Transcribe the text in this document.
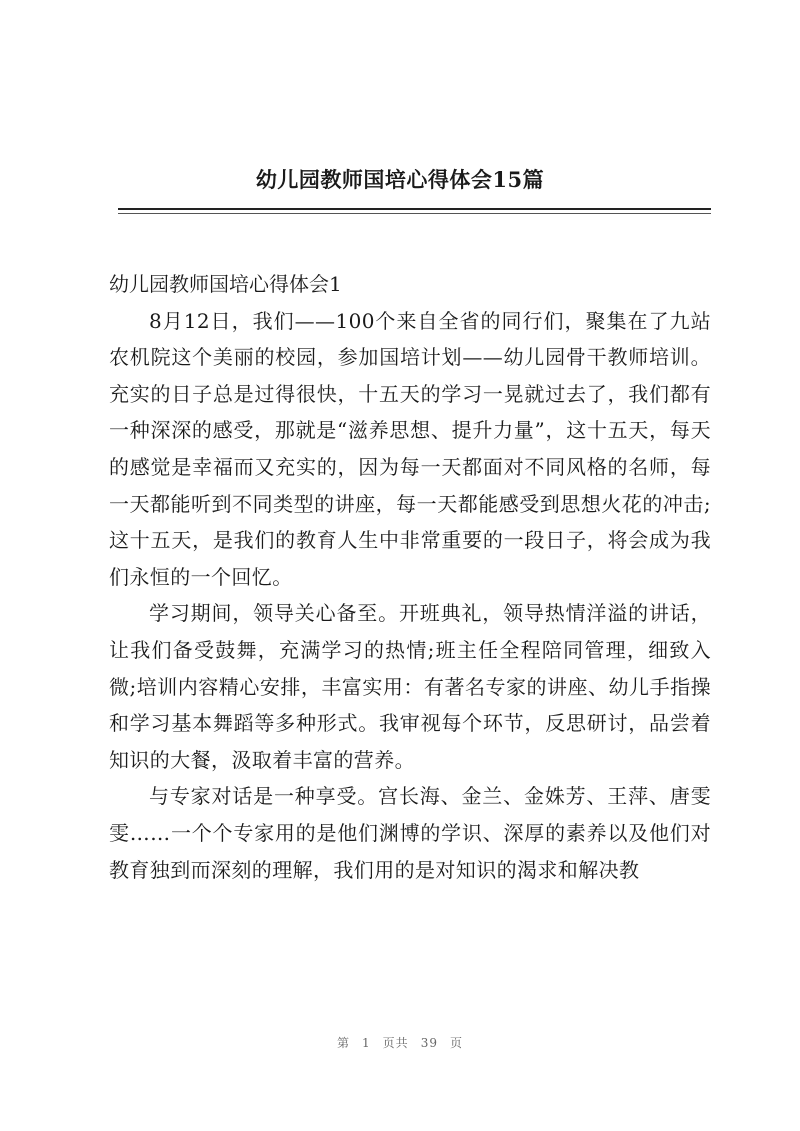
幼儿园教师国培心得体会15篇
幼儿园教师国培心得体会1

8月12日，我们——100个来自全省的同行们，聚集在了九站农机院这个美丽的校园，参加国培计划——幼儿园骨干教师培训。充实的日子总是过得很快，十五天的学习一晃就过去了，我们都有一种深深的感受，那就是“滋养思想、提升力量”，这十五天，每天的感觉是幸福而又充实的，因为每一天都面对不同风格的名师，每一天都能听到不同类型的讲座，每一天都能感受到思想火花的冲击;这十五天，是我们的教育人生中非常重要的一段日子，将会成为我们永恒的一个回忆。

学习期间，领导关心备至。开班典礼，领导热情洋溢的讲话，让我们备受鼓舞，充满学习的热情;班主任全程陪同管理，细致入微;培训内容精心安排，丰富实用：有著名专家的讲座、幼儿手指操和学习基本舞蹈等多种形式。我审视每个环节，反思研讨，品尝着知识的大餐，汲取着丰富的营养。

与专家对话是一种享受。宫长海、金兰、金姝芳、王萍、唐雯雯……一个个专家用的是他们渊博的学识、深厚的素养以及他们对教育独到而深刻的理解，我们用的是对知识的渴求和解决教

第 1 页共 39 页
